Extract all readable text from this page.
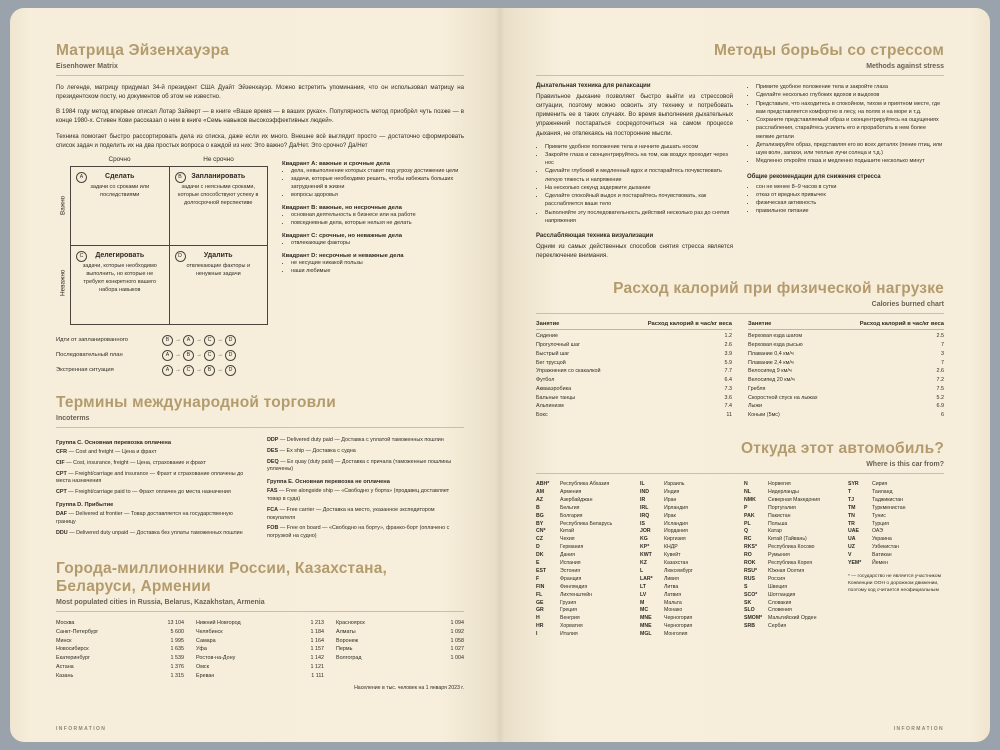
Матрица Эйзенхауэра
Eisenhower Matrix
По легенде, матрицу придумал 34-й президент США Дуайт Эйзенхауэр. Можно встретить упоминания, что он использовал матрицу на президентском посту, но документов об этом не известно.
В 1984 году метод впервые описал Лотар Зайверт — в книге «Ваше время — в ваших руках». Популярность метод приобрёл чуть позже — в конце 1980-х. Стивен Кови рассказал о нем в книге «Семь навыков высокоэффективных людей».
Техника помогает быстро рассортировать дела из списка, даже если их много. Внешне всё выглядит просто — достаточно сформировать список задач и поделить их на два простых вопроса о каждой из них: Это важно? Да/Нет. Это срочно? Да/Нет
Срочно	Не срочно
Важно
Неважно
A	Сделать
задачи со сроками или последствиями
B	Запланировать
задачи с неясными сроками, которые способствуют успеху в долгосрочной перспективе
C	Делегировать
задачи, которые необходимо выполнить, но которые не требуют конкретного вашего набора навыков
D	Удалить
отвлекающие факторы и ненужные задачи
Идти от запланированного	B →	A →	C →	D
Последовательный план	A →	B →	C →	D
Экстренная ситуация	A →	C →	B →	D
Квадрант A: важные и срочные дела
• дела, невыполнение которых ставит под угрозу достижение цели
• задачи, которые необходимо решить, чтобы избежать больших затруднений в жизни
• вопросы здоровья
Квадрант B: важные, но несрочные дела
• основная деятельность в бизнесе или на работе
• повседневные дела, которые нельзя не делать
Квадрант C: срочные, но неважные дела
• отвлекающие факторы
Квадрант D: несрочные и неважные дела
• не несущие никакой пользы
• наши любимые
Термины международной торговли
Incoterms
Группа C. Основная перевозка оплачена
CFR — Cost and freight — Цена и фрахт
CIF — Cost, insurance, freight — Цена, страхование и фрахт
CPT — Freight/carriage and insurance — Фрахт и страхование оплачены до места назначения
CPT — Freight/carriage paid to — Фрахт оплачен до места назначения
Группа D. Прибытие
DAF — Delivered at frontier — Товар доставляется на государственную границу
DDU — Delivered duty unpaid — Доставка без уплаты таможенных пошлин
DDP — Delivered duty paid — Доставка с уплатой таможенных пошлин
DES — Ex ship — Доставка с судна
DEQ — Ex quay (duty paid) — Доставка с причала (таможенные пошлины уплачены)
Группа E. Основная перевозка не оплачена
FAS — Free alongside ship — «Свободно у борта» (продавец доставляет товар в суда)
FCA — Free carrier — Доставка на место, указанное экспедитором покупателя
FOB — Free on board — «Свободно на борту», франко-борт (оплачено с погрузкой на судно)
Города-миллионники России, Казахстана, Беларуси, Армении
Most populated cities in Russia, Belarus, Kazakhstan, Armenia
Москва	13 104
Санкт-Петербург	5 600
Минск	1 995
Новосибирск	1 635
Екатеринбург	1 539
Астана	1 376
Казань	1 315
Нижний Новгород	1 213
Челябинск	1 184
Самара	1 164
Уфа	1 157
Ростов-на-Дону	1 142
Омск	1 121
Ереван	1 111
Красноярск	1 094
Алматы	1 092
Воронеж	1 058
Пермь	1 027
Волгоград	1 004
Население в тыс. человек на 1 января 2023 г.
INFORMATION
Методы борьбы со стрессом
Methods against stress
Дыхательная техника для релаксации
Правильное дыхание позволяет быстро выйти из стрессовой ситуации, поэтому можно освоить эту технику и потребовать применить ее в таких случаях. Во время выполнения дыхательных упражнений постараться сосредоточиться на самом процессе дыхания, не отвлекаясь на посторонние мысли.
• Примите удобное положение тела и начните дышать носом
• Закройте глаза и сконцентрируйтесь на том, как воздух проходит через нос
• Сделайте глубокий и медленный вдох и постарайтесь почувствовать легкую тяжесть и напряжение
• На несколько секунд задержите дыхание
• Сделайте спокойный выдох и постарайтесь почувствовать, как расслабляется ваше тело
• Выполняйте эту последовательность действий несколько раз до снятия напряжения
Расслабляющая техника визуализации
Одним из самых действенных способов снятия стресса является переключение внимания.
• Примите удобное положение тела и закройте глаза
• Сделайте несколько глубоких вдохов и выдохов
• Представьте, что находитесь в спокойном, тихом и приятном месте, где вам представляется комфортно в лесу, на полях и на море и т.д.
• Сохраните представляемый образ и сконцентрируйтесь на ощущениях расслабления, старайтесь усилить его и проработать в нем более мелкие детали
• Детализируйте образ, представляя его во всех деталях (пение птиц, или шум волн, запахи, или теплые лучи солнца и т.д.)
• Медленно откройте глаза и медленно подышите несколько минут
Общие рекомендации для снижения стресса
• сон не менее 8–9 часов в сутки
• отказ от вредных привычек
• физическая активность
• правильное питание
Расход калорий при физической нагрузке
Calories burned chart
Занятие	Расход калорий в час/кг веса
Сидение	1.2
Прогулочный шаг	2.6
Быстрый шаг	3.9
Бег трусцой	5.9
Упражнения со скакалкой	7.7
Футбол	6.4
Аквааэробика	7.3
Бальные танцы	3.6
Альпинизм	7.4
Бокс	11
Занятие	Расход калорий в час/кг веса
Верховая езда шагом	2.5
Верховая езда рысью	7
Плавание 0,4 км/ч	3
Плавание 2,4 км/ч	7
Велосипед 9 км/ч	2.6
Велосипед 20 км/ч	7.2
Гребля	7.5
Скоростной спуск на лыжах	5.2
Лыжи	6.9
Коньки (5мс)	6
Откуда этот автомобиль?
Where is this car from?
ABH*	Республика Абхазия
AM	Армения
AZ	Азербайджан
B	Бельгия
BG	Болгария
BY	Республика Беларусь
CN*	Китай
CZ	Чехия
D	Германия
DK	Дания
E	Испания
EST	Эстония
F	Франция
FIN	Финляндия
FL	Лихтенштейн
GE	Грузия
GR	Греция
H	Венгрия
HR	Хорватия
I	Италия
IL	Израиль
IND	Индия
IR	Иран
IRL	Ирландия
IRQ	Ирак
IS	Исландия
JOR	Иордания
KG	Киргизия
KP*	КНДР
KWT	Кувейт
KZ	Казахстан
L	Люксембург
LAR*	Ливия
LT	Литва
LV	Латвия
M	Мальта
MC	Монако
MNE	Черногория
MNE	Черногория
MGL	Монголия
N	Норвегия
NL	Нидерланды
NMK	Северная Македония
P	Португалия
PAK	Пакистан
PL	Польша
Q	Катар
RC	Китай (Тайвань)
RKS*	Республика Косово
RO	Румыния
ROK	Республика Корея
RSU*	Южная Осетия
RUS	Россия
S	Швеция
SCO*	Шотландия
SK	Словакия
SLO	Словения
SMOM*	Мальтийский Орден
SRB	Сербия
SYR	Сирия
T	Таиланд
TJ	Таджикистан
TM	Туркменистан
TN	Тунис
TR	Турция
UAE	ОАЭ
UA	Украина
UZ	Узбекистан
V	Ватикан
YEM*	Йемен
* — государство не является участником Конвенции ООН о дорожном движении, поэтому код считается неофициальным
INFORMATION
